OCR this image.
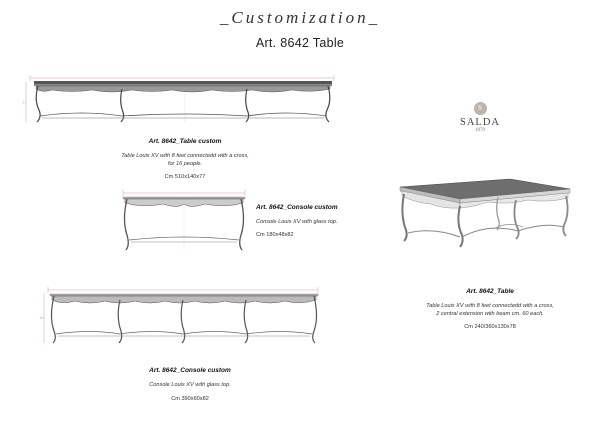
_Customization_
Art. 8642 Table
77
82
Art. 8642_Table custom
Table Louis XV with 8 feet connectedd with a cross,
for 16 people.
Cm 510x140x77
Art. 8642_Console custom
Console Louis XV with glass top.
Cm 180x48x82
Art. 8642_Console custom
Console Louis XV with glass top.
Cm 390x60x82
Art. 8642_Table
Table Louis XV with 8 feet connectedd with a cross,
2 central extension with beam cm. 60 each.
Cm 240/360x130x78
S
SALDA
1870
